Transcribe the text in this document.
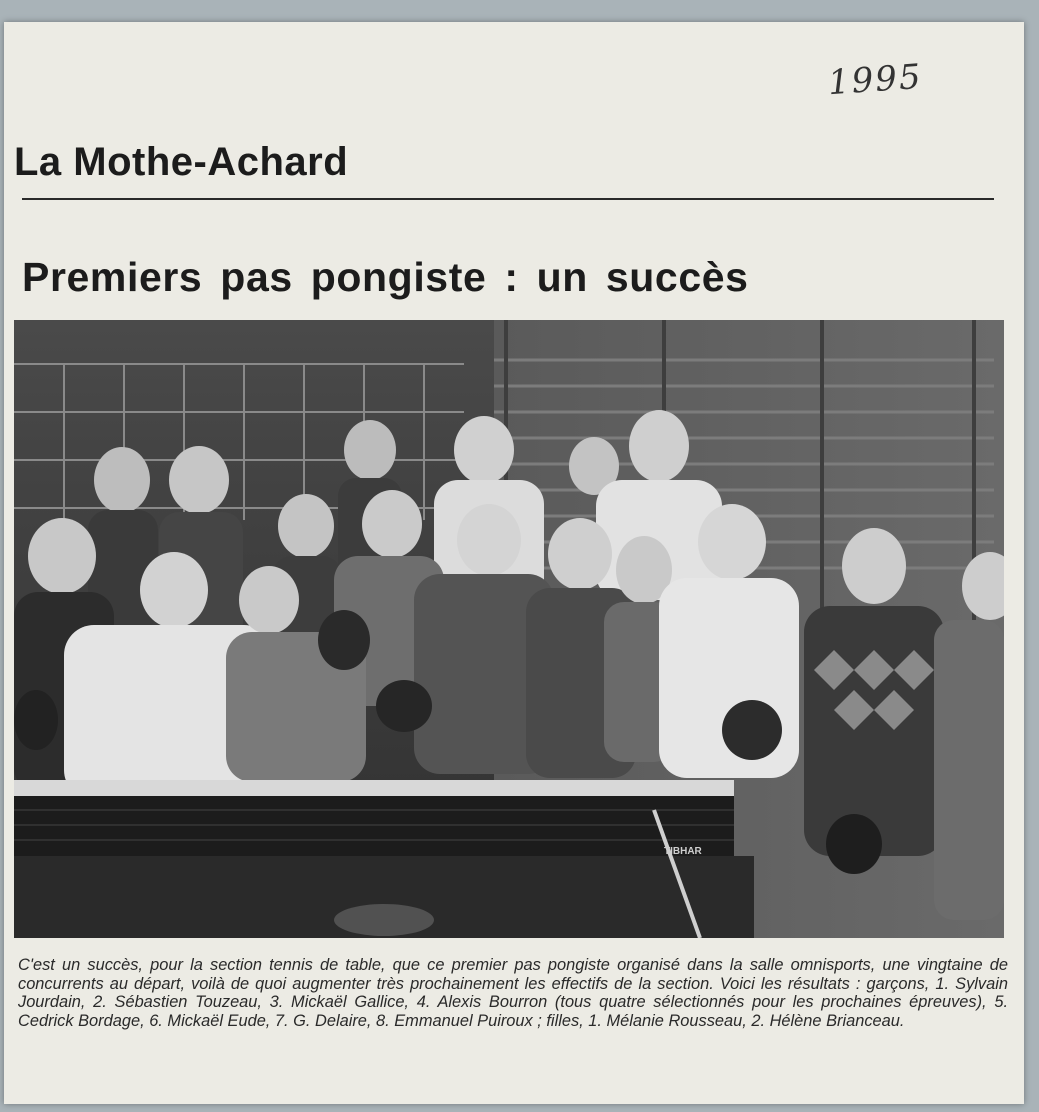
1995
La Mothe-Achard
Premiers pas pongiste : un succès
TIBHAR
C'est un succès, pour la section tennis de table, que ce premier pas pongiste organisé dans la salle omnisports, une vingtaine de concurrents au départ, voilà de quoi augmenter très prochainement les effectifs de la section. Voici les résultats : garçons, 1. Sylvain Jourdain, 2. Sébastien Touzeau, 3. Mickaël Gallice, 4. Alexis Bourron (tous quatre sélectionnés pour les prochaines épreuves), 5. Cedrick Bordage, 6. Mickaël Eude, 7. G. Delaire, 8. Emmanuel Puiroux ; filles, 1. Mélanie Rousseau, 2. Hélène Brianceau.
